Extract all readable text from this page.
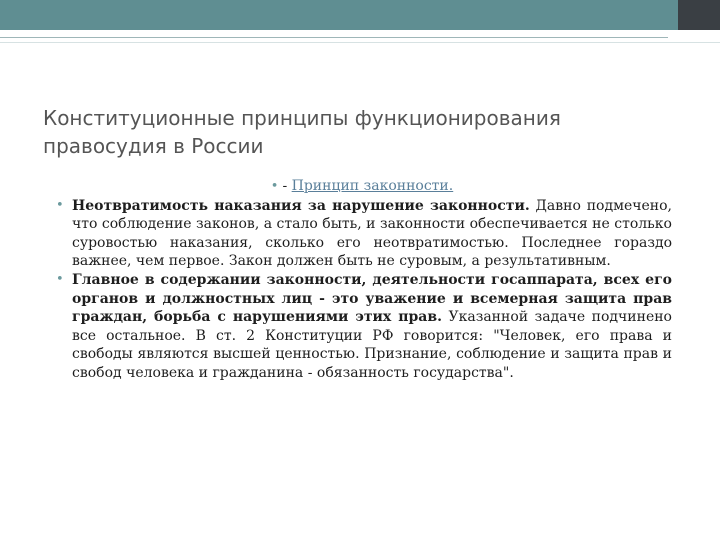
Конституционные принципы функционирования правосудия в России
• - Принцип законности.
• Неотвратимость наказания за нарушение законности. Давно подмечено, что соблюдение законов, а стало быть, и законности обеспечивается не столько суровостью наказания, сколько его неотвратимостью. Последнее гораздо важнее, чем первое. Закон должен быть не суровым, а результативным.
• Главное в содержании законности, деятельности госаппарата, всех его органов и должностных лиц - это уважение и всемерная защита прав граждан, борьба с нарушениями этих прав. Указанной задаче подчинено все остальное. В ст. 2 Конституции РФ говорится: "Человек, его права и свободы являются высшей ценностью. Признание, соблюдение и защита прав и свобод человека и гражданина - обязанность государства".
